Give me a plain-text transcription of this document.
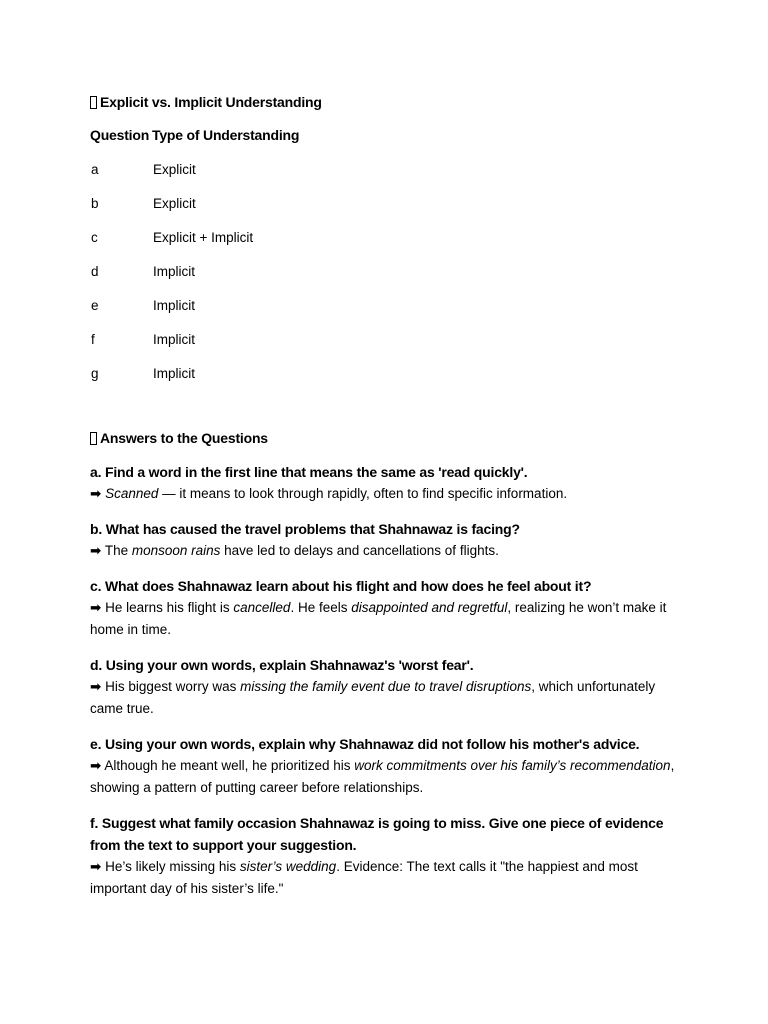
Explicit vs. Implicit Understanding
Question Type of Understanding
a	Explicit
b	Explicit
c	Explicit + Implicit
d	Implicit
e	Implicit
f	Implicit
g	Implicit
Answers to the Questions

a. Find a word in the first line that means the same as 'read quickly'.

➡ Scanned — it means to look through rapidly, often to find specific information.

b. What has caused the travel problems that Shahnawaz is facing?

➡ The monsoon rains have led to delays and cancellations of flights.

c. What does Shahnawaz learn about his flight and how does he feel about it?

➡ He learns his flight is cancelled. He feels disappointed and regretful, realizing he won’t make it home in time.

d. Using your own words, explain Shahnawaz's 'worst fear'.

➡ His biggest worry was missing the family event due to travel disruptions, which unfortunately came true.

e. Using your own words, explain why Shahnawaz did not follow his mother's advice.

➡ Although he meant well, he prioritized his work commitments over his family’s recommendation, showing a pattern of putting career before relationships.

f. Suggest what family occasion Shahnawaz is going to miss. Give one piece of evidence from the text to support your suggestion.

➡ He’s likely missing his sister’s wedding. Evidence: The text calls it "the happiest and most important day of his sister’s life."
